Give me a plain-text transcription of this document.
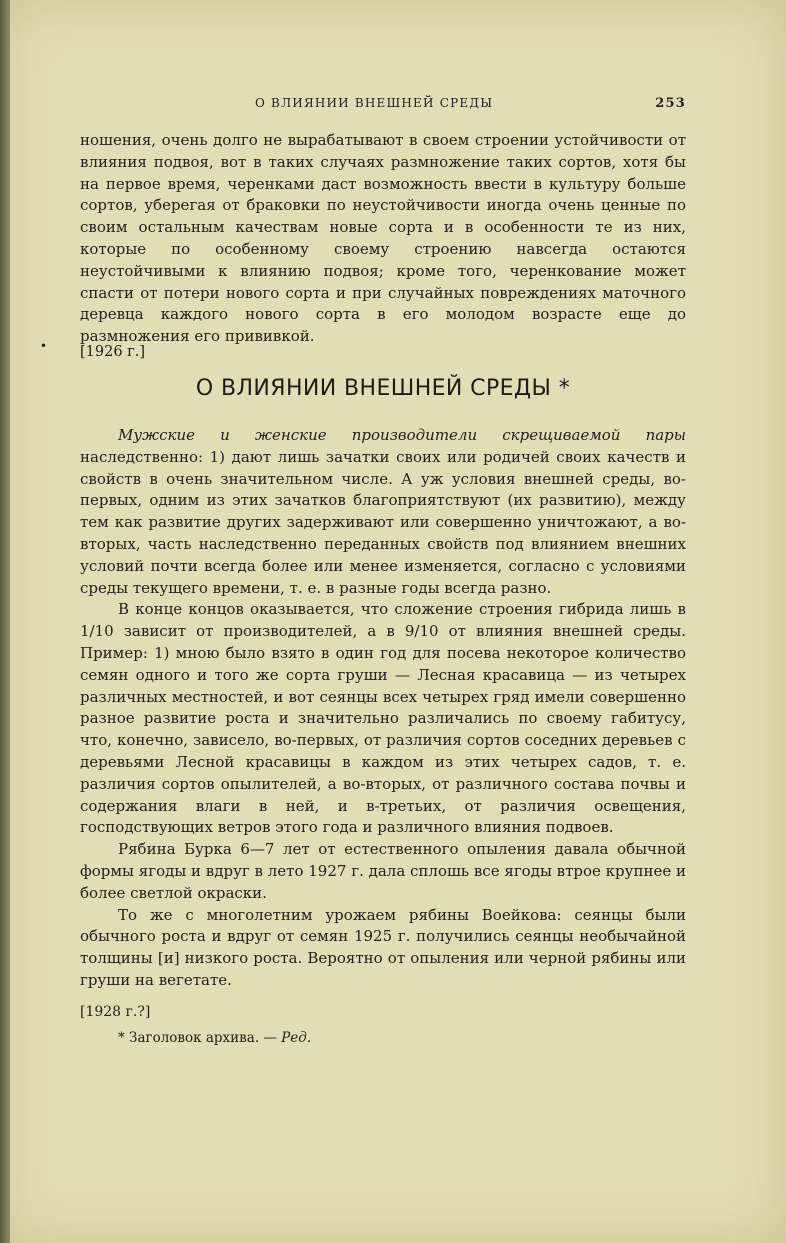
О ВЛИЯНИИ ВНЕШНЕЙ СРЕДЫ	253

ношения, очень долго не вырабатывают в своем строении устойчивости от влияния подвоя, вот в таких случаях размножение таких сортов, хотя бы на первое время, черенками даст возможность ввести в культуру больше сортов, уберегая от браковки по неустойчивости иногда очень ценные по своим остальным качествам новые сорта и в особенности те из них, которые по особенному своему строению навсегда остаются неустойчивыми к влиянию подвоя; кроме того, черенкование может спасти от потери нового сорта и при случайных повреждениях маточного деревца каждого нового сорта в его молодом возрасте еще до размножения его прививкой.

• [1926 г.]
О ВЛИЯНИИ ВНЕШНЕЙ СРЕДЫ *

Мужские и женские производители скрещиваемой пары наследственно: 1) дают лишь зачатки своих или родичей своих качеств и свойств в очень значительном числе. А уж условия внешней среды, во-первых, одним из этих зачатков благоприятствуют (их развитию), между тем как развитие других задерживают или совершенно уничтожают, а во-вторых, часть наследственно переданных свойств под влиянием внешних условий почти всегда более или менее изменяется, согласно с условиями среды текущего времени, т. е. в разные годы всегда разно.

В конце концов оказывается, что сложение строения гибрида лишь в 1/10 зависит от производителей, а в 9/10 от влияния внешней среды. Пример: 1) мною было взято в один год для посева некоторое количество семян одного и того же сорта груши — Лесная красавица — из четырех различных местностей, и вот сеянцы всех четырех гряд имели совершенно разное развитие роста и значительно различались по своему габитусу, что, конечно, зависело, во-первых, от различия сортов соседних деревьев с деревьями Лесной красавицы в каждом из этих четырех садов, т. е. различия сортов опылителей, а во-вторых, от различного состава почвы и содержания влаги в ней, и в-третьих, от различия освещения, господствующих ветров этого года и различного влияния подвоев.

Рябина Бурка 6—7 лет от естественного опыления давала обычной формы ягоды и вдруг в лето 1927 г. дала сплошь все ягоды втрое крупнее и более светлой окраски.

То же с многолетним урожаем рябины Воейкова: сеянцы были обычного роста и вдруг от семян 1925 г. получились сеянцы необычайной толщины [и] низкого роста. Вероятно от опыления или черной рябины или груши на вегетате.

[1928 г.?]
* Заголовок архива. — Ред.
